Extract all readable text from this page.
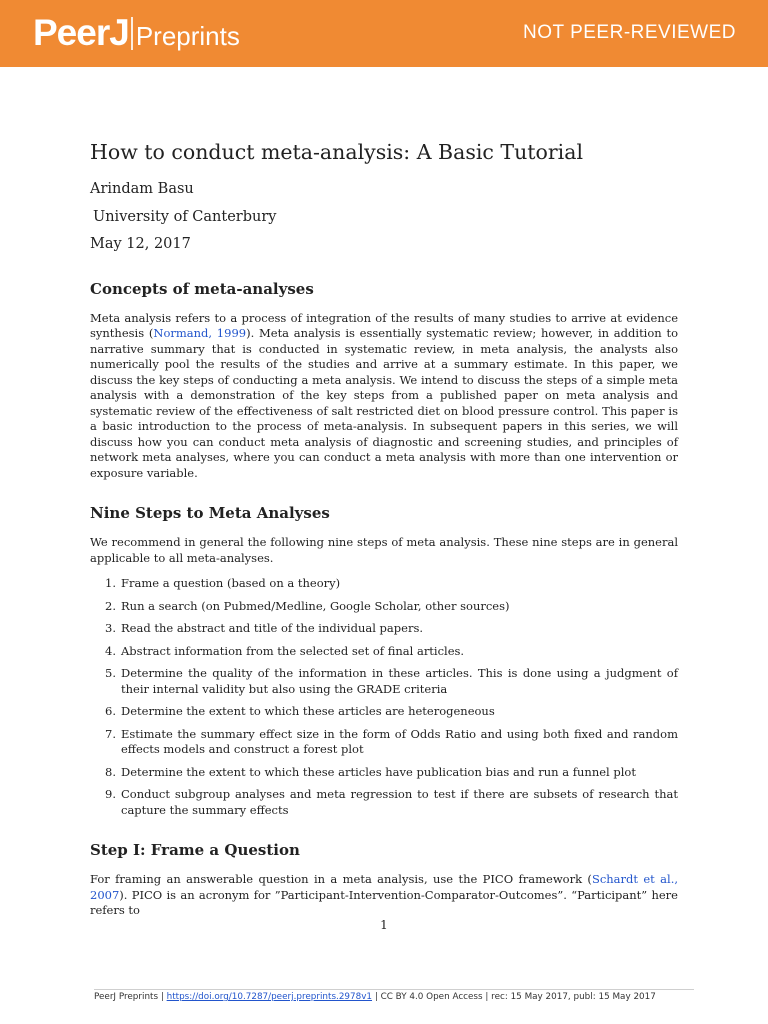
PeerJ Preprints	NOT PEER-REVIEWED
How to conduct meta-analysis: A Basic Tutorial
Arindam Basu
University of Canterbury
May 12, 2017
Concepts of meta-analyses

Meta analysis refers to a process of integration of the results of many studies to arrive at evidence synthesis (Normand, 1999). Meta analysis is essentially systematic review; however, in addition to narrative summary that is conducted in systematic review, in meta analysis, the analysts also numerically pool the results of the studies and arrive at a summary estimate. In this paper, we discuss the key steps of conducting a meta analysis. We intend to discuss the steps of a simple meta analysis with a demonstration of the key steps from a published paper on meta analysis and systematic review of the effectiveness of salt restricted diet on blood pressure control. This paper is a basic introduction to the process of meta-analysis. In subsequent papers in this series, we will discuss how you can conduct meta analysis of diagnostic and screening studies, and principles of network meta analyses, where you can conduct a meta analysis with more than one intervention or exposure variable.

Nine Steps to Meta Analyses

We recommend in general the following nine steps of meta analysis. These nine steps are in general applicable to all meta-analyses.

1. Frame a question (based on a theory)
2. Run a search (on Pubmed/Medline, Google Scholar, other sources)
3. Read the abstract and title of the individual papers.
4. Abstract information from the selected set of final articles.
5. Determine the quality of the information in these articles. This is done using a judgment of their internal validity but also using the GRADE criteria
6. Determine the extent to which these articles are heterogeneous
7. Estimate the summary effect size in the form of Odds Ratio and using both fixed and random effects models and construct a forest plot
8. Determine the extent to which these articles have publication bias and run a funnel plot
9. Conduct subgroup analyses and meta regression to test if there are subsets of research that capture the summary effects
Step I: Frame a Question

For framing an answerable question in a meta analysis, use the PICO framework (Schardt et al., 2007). PICO is an acronym for ”Participant-Intervention-Comparator-Outcomes”. “Participant” here refers to

1
PeerJ Preprints | https://doi.org/10.7287/peerj.preprints.2978v1 | CC BY 4.0 Open Access | rec: 15 May 2017, publ: 15 May 2017
